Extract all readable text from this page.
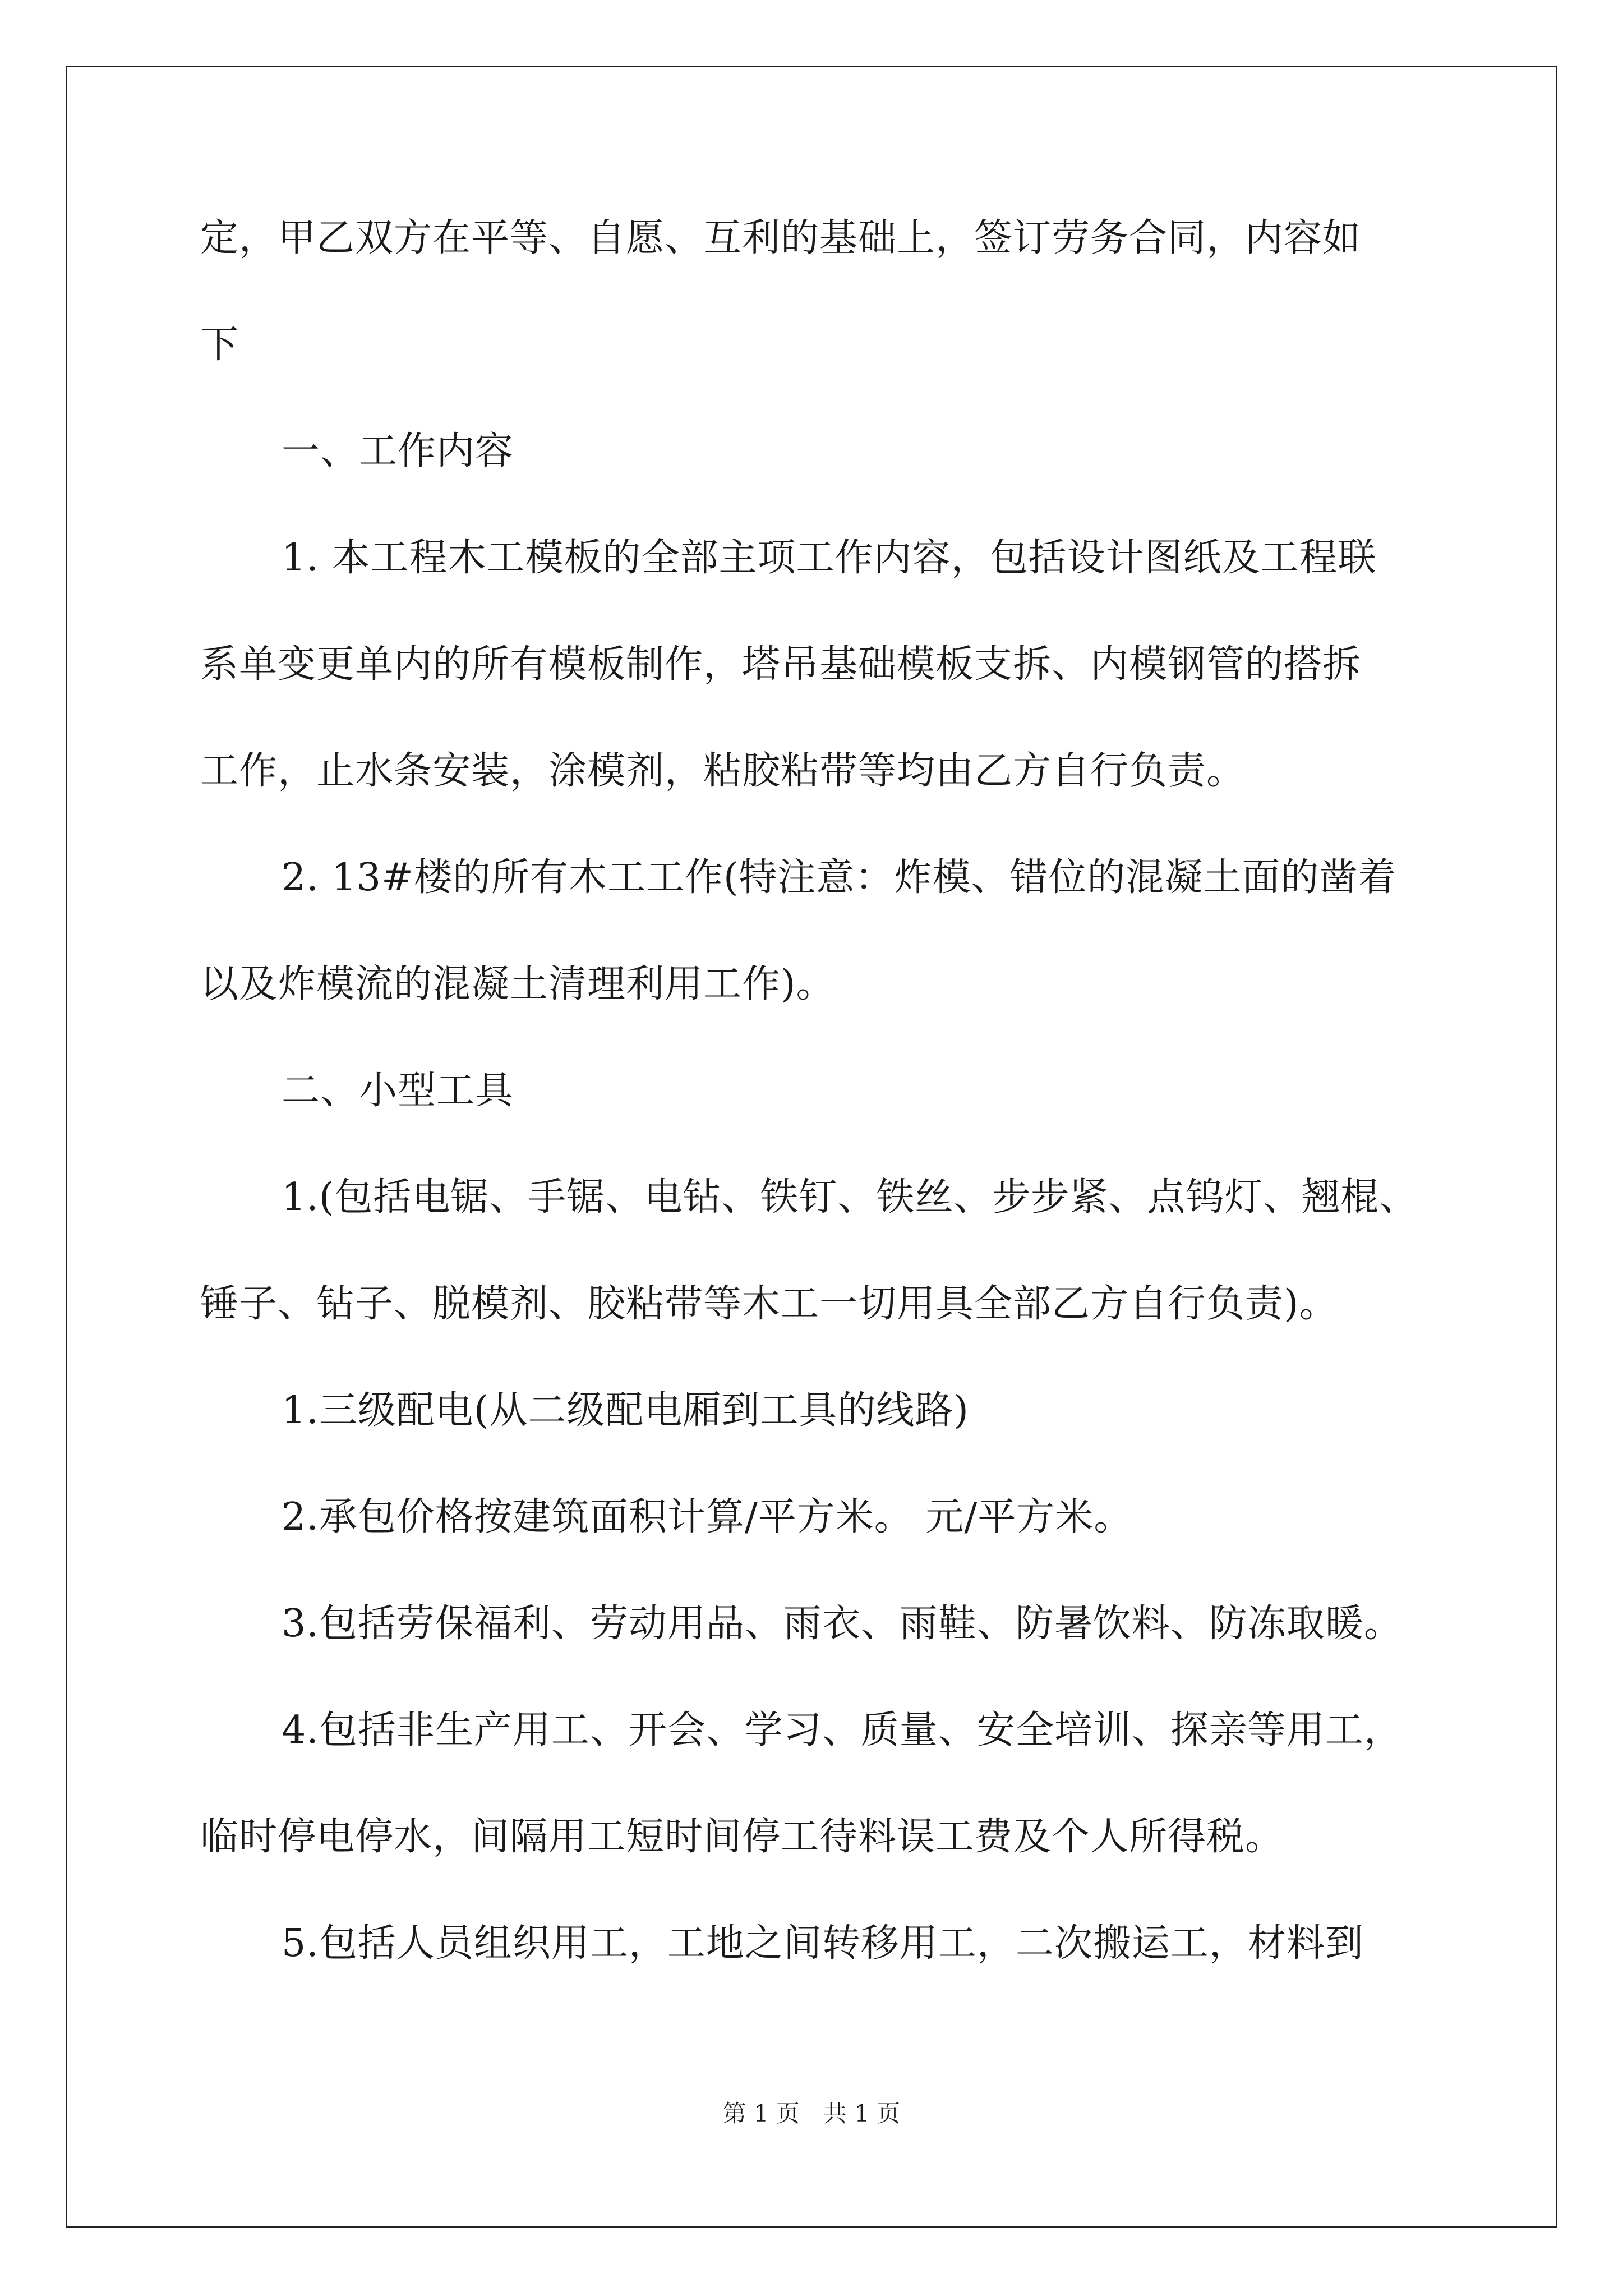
定，甲乙双方在平等、自愿、互利的基础上，签订劳务合同，内容如
下
一、工作内容
1. 本工程木工模板的全部主项工作内容，包括设计图纸及工程联
系单变更单内的所有模板制作，塔吊基础模板支拆、内模钢管的搭拆
工作，止水条安装，涂模剂，粘胶粘带等均由乙方自行负责。
2. 13#楼的所有木工工作(特注意：炸模、错位的混凝土面的凿着
以及炸模流的混凝土清理利用工作)。
二、小型工具
1.(包括电锯、手锯、电钻、铁钉、铁丝、步步紧、点钨灯、翘棍、
锤子、钻子、脱模剂、胶粘带等木工一切用具全部乙方自行负责)。
1.三级配电(从二级配电厢到工具的线路)
2.承包价格按建筑面积计算/平方米。 元/平方米。
3.包括劳保福利、劳动用品、雨衣、雨鞋、防暑饮料、防冻取暖。
4.包括非生产用工、开会、学习、质量、安全培训、探亲等用工，
临时停电停水，间隔用工短时间停工待料误工费及个人所得税。
5.包括人员组织用工，工地之间转移用工，二次搬运工，材料到
第 1 页　共 1 页
